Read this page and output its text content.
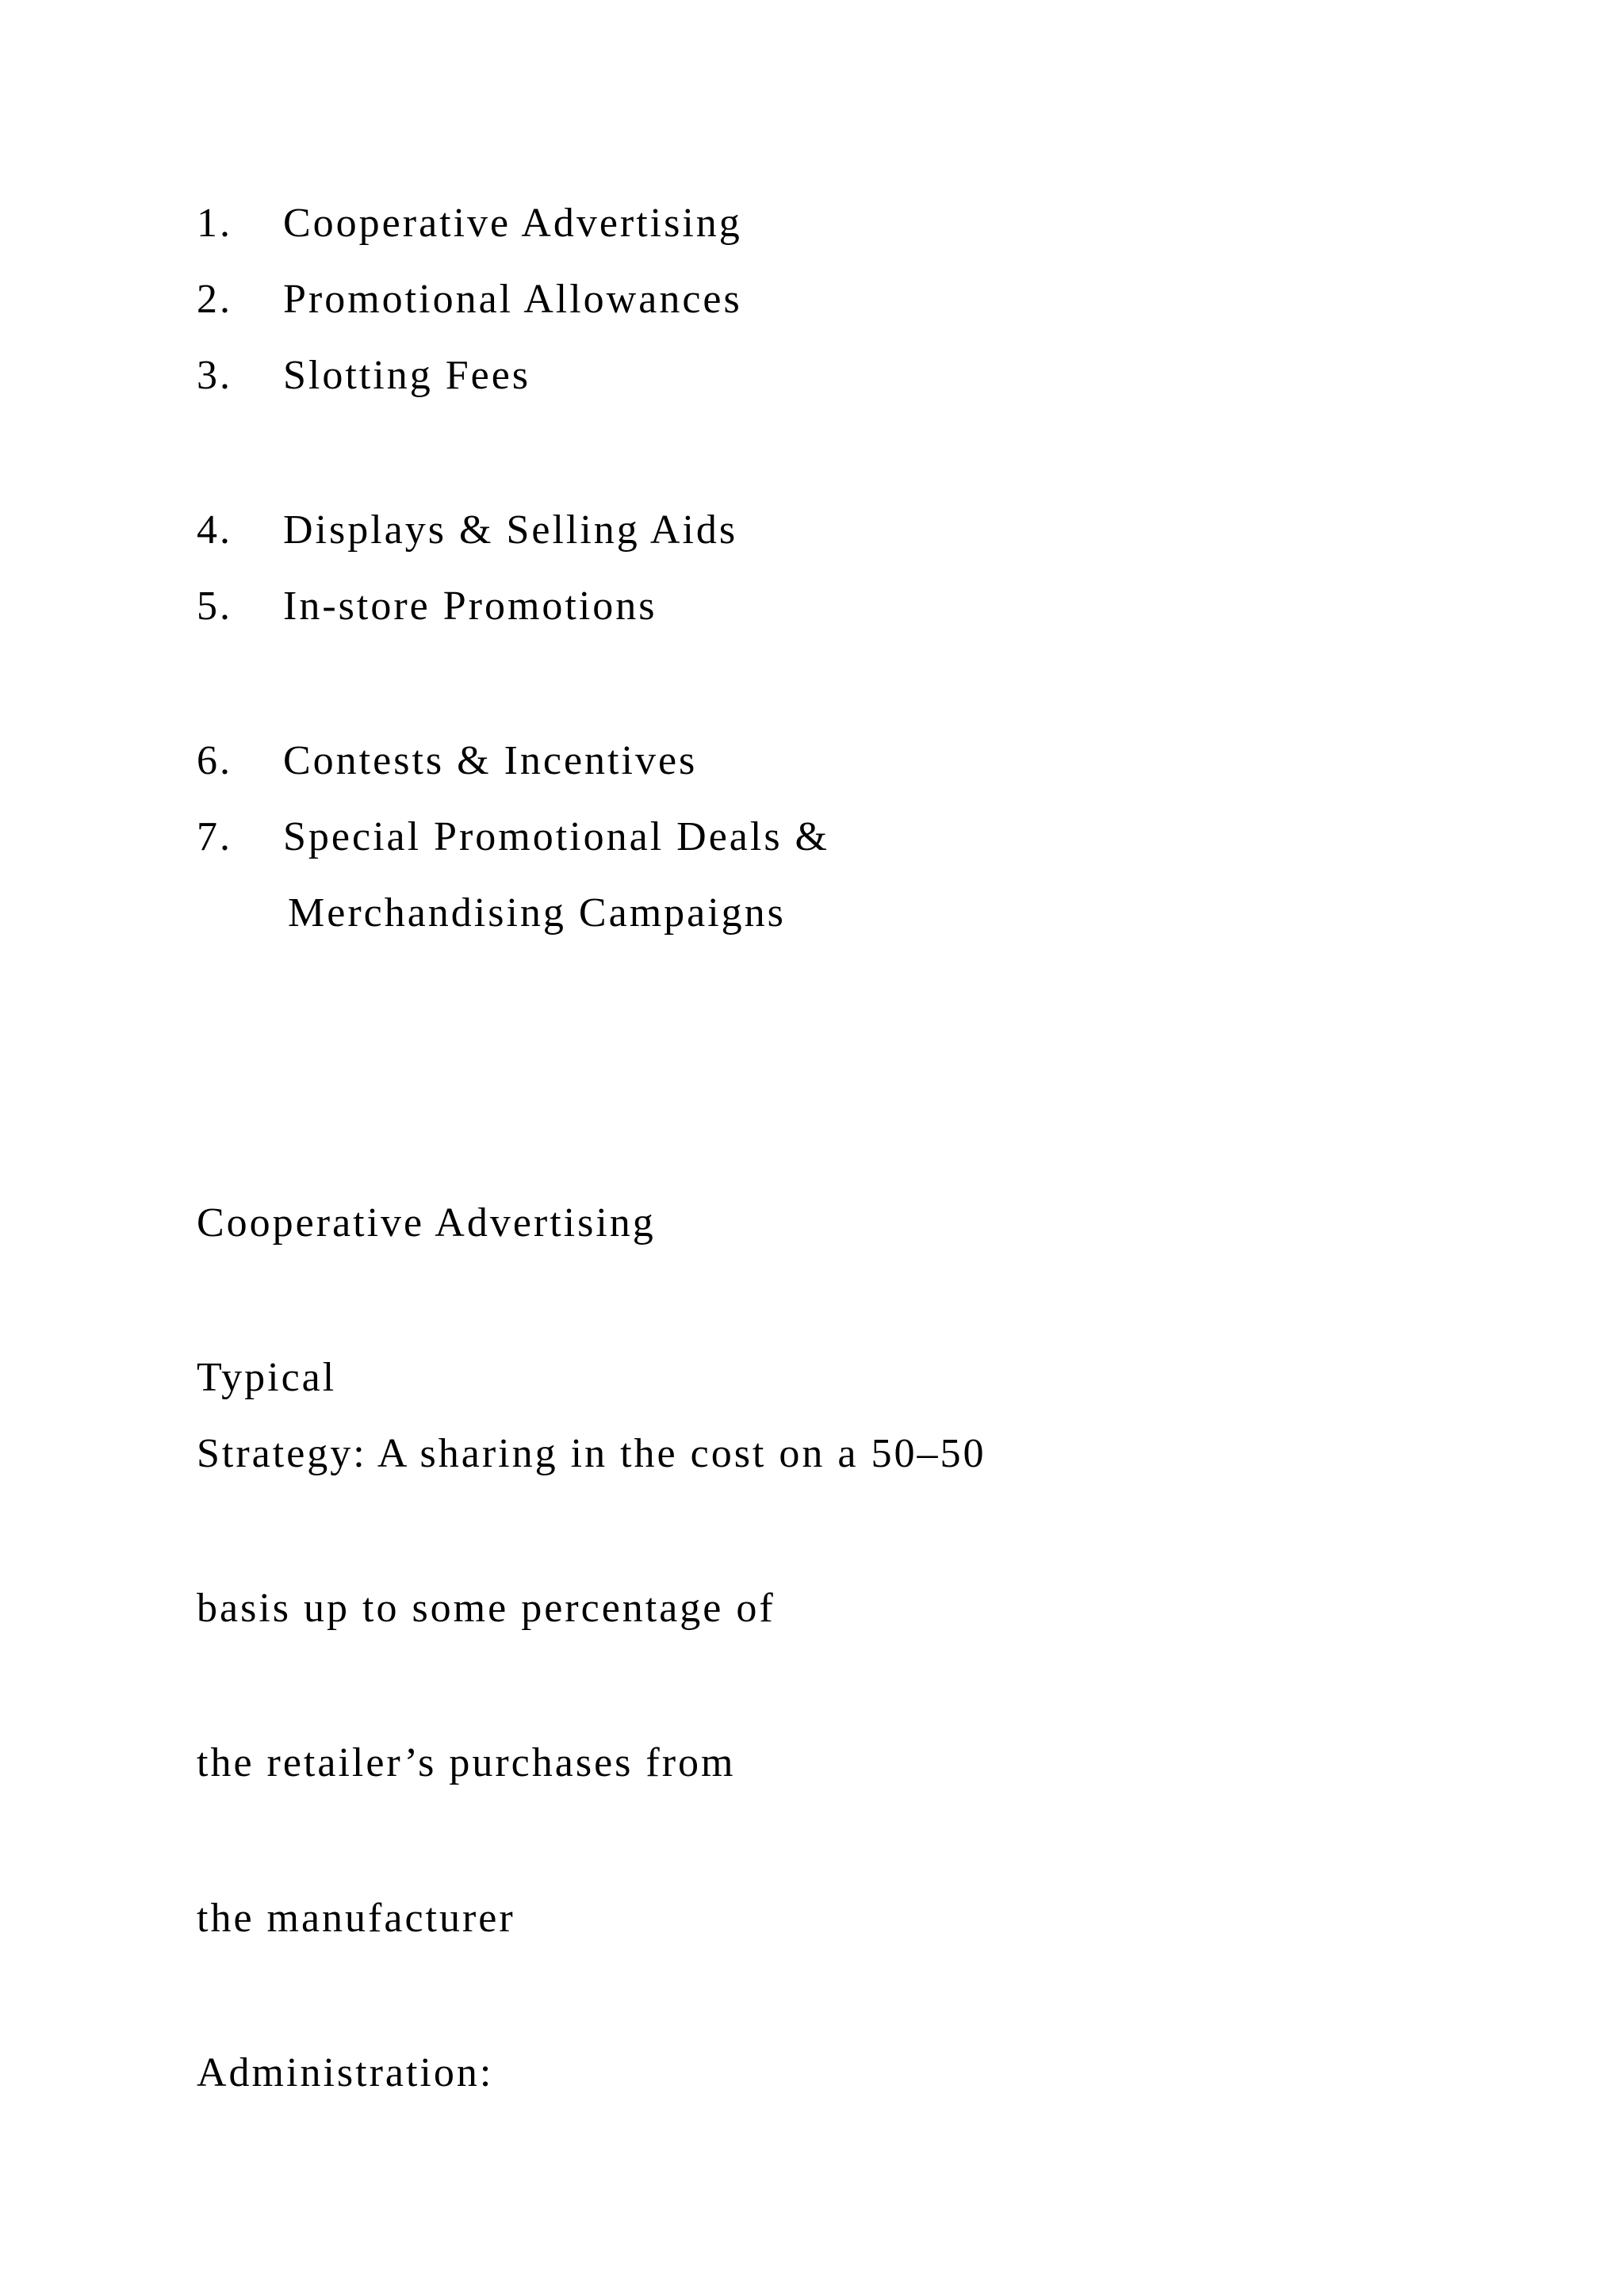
1. Cooperative Advertising
2. Promotional Allowances
3. Slotting Fees
4. Displays & Selling Aids
5. In-store Promotions
6. Contests & Incentives
7. Special Promotional Deals &
Merchandising Campaigns
Cooperative Advertising
Typical
Strategy: A sharing in the cost on a 50–50
basis up to some percentage of
the retailer’s purchases from
the manufacturer
Administration:
